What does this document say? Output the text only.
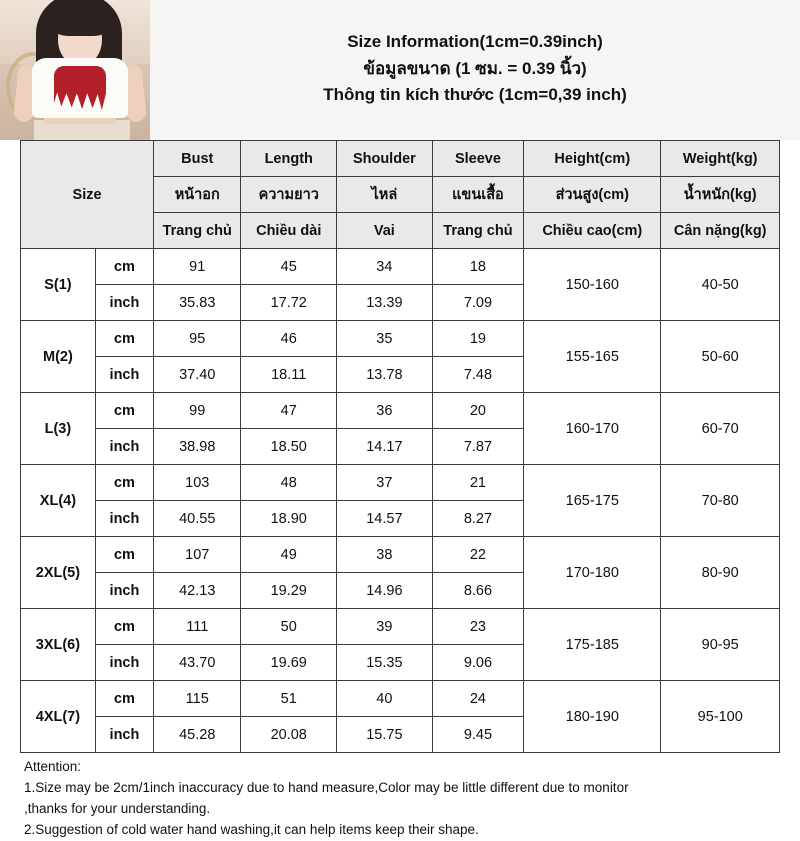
Size Information(1cm=0.39inch)
ข้อมูลขนาด (1 ซม. = 0.39 นิ้ว)
Thông tin kích thước (1cm=0,39 inch)
Size		Bust	Length	Shoulder	Sleeve	Height(cm)	Weight(kg)
		หน้าอก	ความยาว	ไหล่	แขนเสื้อ	ส่วนสูง(cm)	น้ำหนัก(kg)
		Trang chủ	Chiều dài	Vai	Trang chủ	Chiều cao(cm)	Cân nặng(kg)
S(1)	cm	91	45	34	18	150-160	40-50
	inch	35.83	17.72	13.39	7.09		
M(2)	cm	95	46	35	19	155-165	50-60
	inch	37.40	18.11	13.78	7.48		
L(3)	cm	99	47	36	20	160-170	60-70
	inch	38.98	18.50	14.17	7.87		
XL(4)	cm	103	48	37	21	165-175	70-80
	inch	40.55	18.90	14.57	8.27		
2XL(5)	cm	107	49	38	22	170-180	80-90
	inch	42.13	19.29	14.96	8.66		
3XL(6)	cm	111	50	39	23	175-185	90-95
	inch	43.70	19.69	15.35	9.06		
4XL(7)	cm	115	51	40	24	180-190	95-100
	inch	45.28	20.08	15.75	9.45		
Attention:
1.Size may be 2cm/1inch inaccuracy due to hand measure,Color may be little different due to monitor
,thanks for your understanding.
2.Suggestion of cold water hand washing,it can help items keep their shape.
